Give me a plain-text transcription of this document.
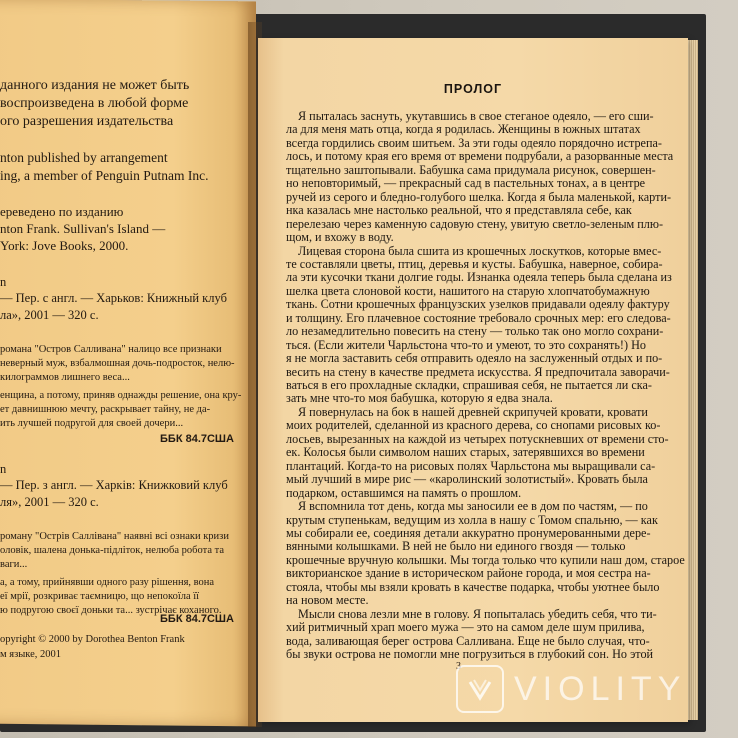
данного издания не может быть
воспроизведена в любой форме
ого разрешения издательства
nton published by arrangement
ing, a member of Penguin Putnam Inc.
ереведено по изданию
nton Frank. Sullivan's Island —
York: Jove Books, 2000.
n
— Пер. с англ. — Харьков: Книжный клуб
ла», 2001 — 320 с.
романа "Остров Салливана" налицо все признаки
неверный муж, взбалмошная дочь-подросток, нелю-
килограммов лишнего веса...
енщина, а потому, приняв однажды решение, она кру-
ет давнишнюю мечту, раскрывает тайну, не да-
ить лучшей подругой для своей дочери...
n
— Пер. з англ. — Харків: Книжковий клуб
ля», 2001 — 320 с.
роману "Острів Салліванa" наявні всі ознаки кризи
оловік, шалена донька-підліток, нелюба робота та
ваги...
а, а тому, прийнявши одного разу рішення, вона
еї мрії, розкриває таємницю, що непокоїла її
ю подругою своєї доньки та... зустрічає коханого.
opyright © 2000 by Dorothea Benton Frank
м языке, 2001
ББК 84.7США
ББК 84.7США
ПРОЛОГ
Я пыталась заснуть, укутавшись в свое стеганое одеяло, — его сши-
ла для меня мать отца, когда я родилась. Женщины в южных штатах
всегда гордились своим шитьем. За эти годы одеяло порядочно истрепа-
лось, и потому края его время от времени подрубали, а разорванные места
тщательно заштопывали. Бабушка сама придумала рисунок, совершен-
но неповторимый, — прекрасный сад в пастельных тонах, а в центре
ручей из серого и бледно-голубого шелка. Когда я была маленькой, карти-
нка казалась мне настолько реальной, что я представляла себе, как
перелезаю через каменную садовую стену, увитую светло-зеленым плю-
щом, и вхожу в воду.
Лицевая сторона была сшита из крошечных лоскутков, которые вмес-
те составляли цветы, птиц, деревья и кусты. Бабушка, наверное, собира-
ла эти кусочки ткани долгие годы. Изнанка одеяла теперь была сделана из
шелка цвета слоновой кости, нашитого на старую хлопчатобумажную
ткань. Сотни крошечных французских узелков придавали одеялу фактуру
и толщину. Его плачевное состояние требовало срочных мер: его следова-
ло незамедлительно повесить на стену — только так оно могло сохрани-
ться. (Если жители Чарльстона что-то и умеют, то это сохранять!) Но
я не могла заставить себя отправить одеяло на заслуженный отдых и по-
весить на стену в качестве предмета искусства. Я предпочитала заворачи-
ваться в его прохладные складки, спрашивая себя, не пытается ли ска-
зать мне что-то моя бабушка, которую я едва знала.
Я повернулась на бок в нашей древней скрипучей кровати, кровати
моих родителей, сделанной из красного дерева, со снопами рисовых ко-
лосьев, вырезанных на каждой из четырех потускневших от времени сто-
ек. Колосья были символом наших старых, затерявшихся во времени
плантаций. Когда-то на рисовых полях Чарльстона мы выращивали са-
мый лучший в мире рис — «каролинский золотистый». Кровать была
подарком, оставшимся на память о прошлом.
Я вспомнила тот день, когда мы заносили ее в дом по частям, — по
крутым ступенькам, ведущим из холла в нашу с Томом спальню, — как
мы собирали ее, соединяя детали аккуратно пронумерованными дере-
вянными колышками. В ней не было ни единого гвоздя — только
крошечные вручную колышки. Мы тогда только что купили наш дом, старое
викторианское здание в историческом районе города, и моя сестра на-
стояла, чтобы мы взяли кровать в качестве подарка, чтобы уютнее было
на новом месте.
Мысли снова лезли мне в голову. Я попыталась убедить себя, что ти-
хий ритмичный храп моего мужа — это на самом деле шум прилива,
вода, заливающая берег острова Салливана. Еще не было случая, что-
бы звуки острова не помогли мне погрузиться в глубокий сон. Но этой
3
VIOLITY
